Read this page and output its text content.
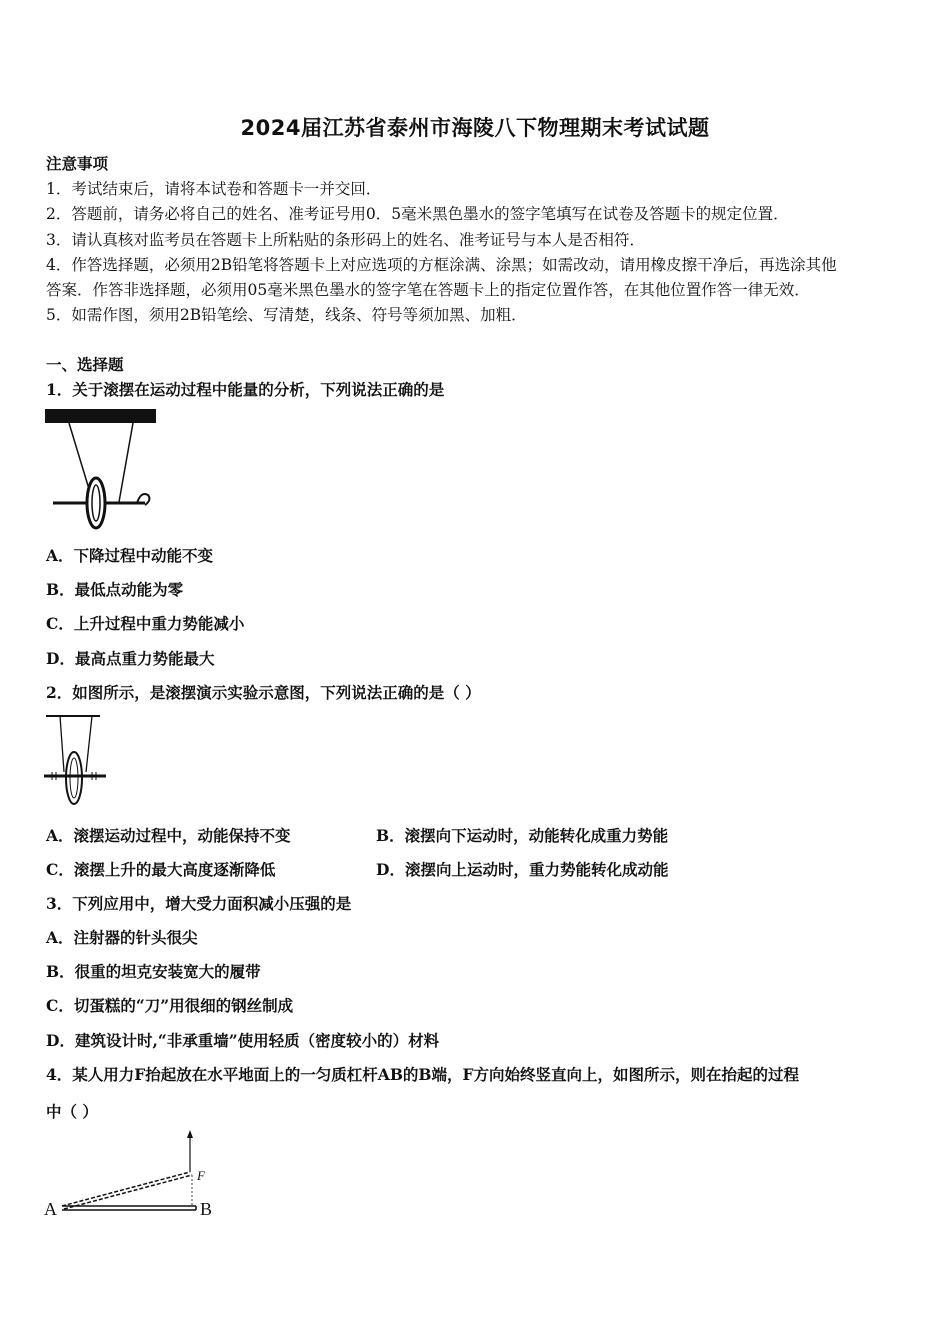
2024届江苏省泰州市海陵八下物理期末考试试题
注意事项
1．考试结束后，请将本试卷和答题卡一并交回．
2．答题前，请务必将自己的姓名、准考证号用0．5毫米黑色墨水的签字笔填写在试卷及答题卡的规定位置．
3．请认真核对监考员在答题卡上所粘贴的条形码上的姓名、准考证号与本人是否相符．
4．作答选择题，必须用2B铅笔将答题卡上对应选项的方框涂满、涂黑；如需改动，请用橡皮擦干净后，再选涂其他
答案．作答非选择题，必须用05毫米黑色墨水的签字笔在答题卡上的指定位置作答，在其他位置作答一律无效．
5．如需作图，须用2B铅笔绘、写清楚，线条、符号等须加黑、加粗．
一、选择题
1．关于滚摆在运动过程中能量的分析，下列说法正确的是
A．下降过程中动能不变
B．最低点动能为零
C．上升过程中重力势能减小
D．最高点重力势能最大
2．如图所示，是滚摆演示实验示意图，下列说法正确的是（ ）
A．滚摆运动过程中，动能保持不变	B．滚摆向下运动时，动能转化成重力势能
C．滚摆上升的最大高度逐渐降低	D．滚摆向上运动时，重力势能转化成动能
3．下列应用中，增大受力面积减小压强的是
A．注射器的针头很尖
B．很重的坦克安装宽大的履带
C．切蛋糕的“刀”用很细的钢丝制成
D．建筑设计时,“非承重墙”使用轻质（密度较小的）材料
4．某人用力F抬起放在水平地面上的一匀质杠杆AB的B端，F方向始终竖直向上，如图所示，则在抬起的过程
中（ ）
A	B
F
